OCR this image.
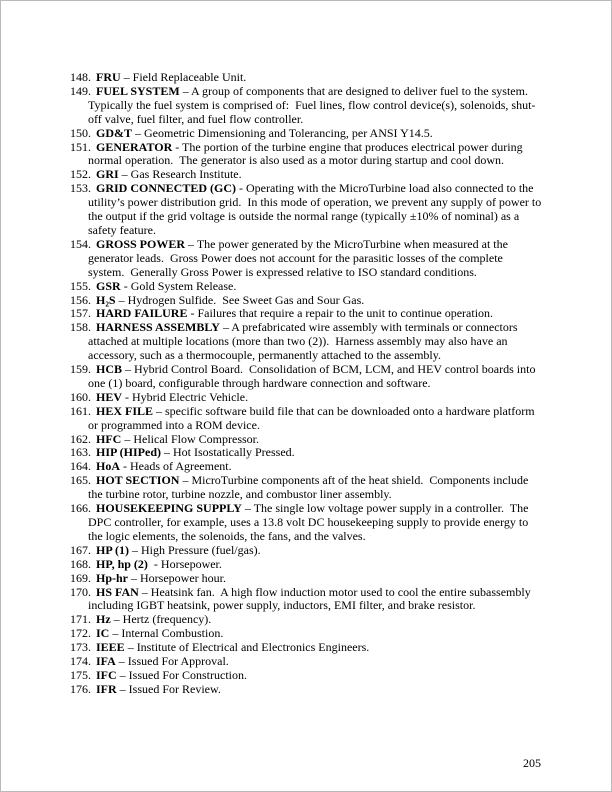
148. FRU – Field Replaceable Unit.
149. FUEL SYSTEM – A group of components that are designed to deliver fuel to the system.  Typically the fuel system is comprised of:  Fuel lines, flow control device(s), solenoids, shut-off valve, fuel filter, and fuel flow controller.
150. GD&T – Geometric Dimensioning and Tolerancing, per ANSI Y14.5.
151. GENERATOR - The portion of the turbine engine that produces electrical power during normal operation.  The generator is also used as a motor during startup and cool down.
152. GRI – Gas Research Institute.
153. GRID CONNECTED (GC) - Operating with the MicroTurbine load also connected to the utility’s power distribution grid.  In this mode of operation, we prevent any supply of power to the output if the grid voltage is outside the normal range (typically ±10% of nominal) as a safety feature.
154. GROSS POWER – The power generated by the MicroTurbine when measured at the generator leads.  Gross Power does not account for the parasitic losses of the complete system.  Generally Gross Power is expressed relative to ISO standard conditions.
155. GSR - Gold System Release.
156. H₂S – Hydrogen Sulfide.  See Sweet Gas and Sour Gas.
157. HARD FAILURE - Failures that require a repair to the unit to continue operation.
158. HARNESS ASSEMBLY – A prefabricated wire assembly with terminals or connectors attached at multiple locations (more than two (2)).  Harness assembly may also have an accessory, such as a thermocouple, permanently attached to the assembly.
159. HCB – Hybrid Control Board.  Consolidation of BCM, LCM, and HEV control boards into one (1) board, configurable through hardware connection and software.
160. HEV - Hybrid Electric Vehicle.
161. HEX FILE – specific software build file that can be downloaded onto a hardware platform or programmed into a ROM device.
162. HFC – Helical Flow Compressor.
163. HIP (HIPed) – Hot Isostatically Pressed.
164. HoA - Heads of Agreement.
165. HOT SECTION – MicroTurbine components aft of the heat shield.  Components include the turbine rotor, turbine nozzle, and combustor liner assembly.
166. HOUSEKEEPING SUPPLY – The single low voltage power supply in a controller.  The DPC controller, for example, uses a 13.8 volt DC housekeeping supply to provide energy to the logic elements, the solenoids, the fans, and the valves.
167. HP (1) – High Pressure (fuel/gas).
168. HP, hp (2)  - Horsepower.
169. Hp-hr – Horsepower hour.
170. HS FAN – Heatsink fan.  A high flow induction motor used to cool the entire subassembly including IGBT heatsink, power supply, inductors, EMI filter, and brake resistor.
171. Hz – Hertz (frequency).
172. IC – Internal Combustion.
173. IEEE – Institute of Electrical and Electronics Engineers.
174. IFA – Issued For Approval.
175. IFC – Issued For Construction.
176. IFR – Issued For Review.
205
